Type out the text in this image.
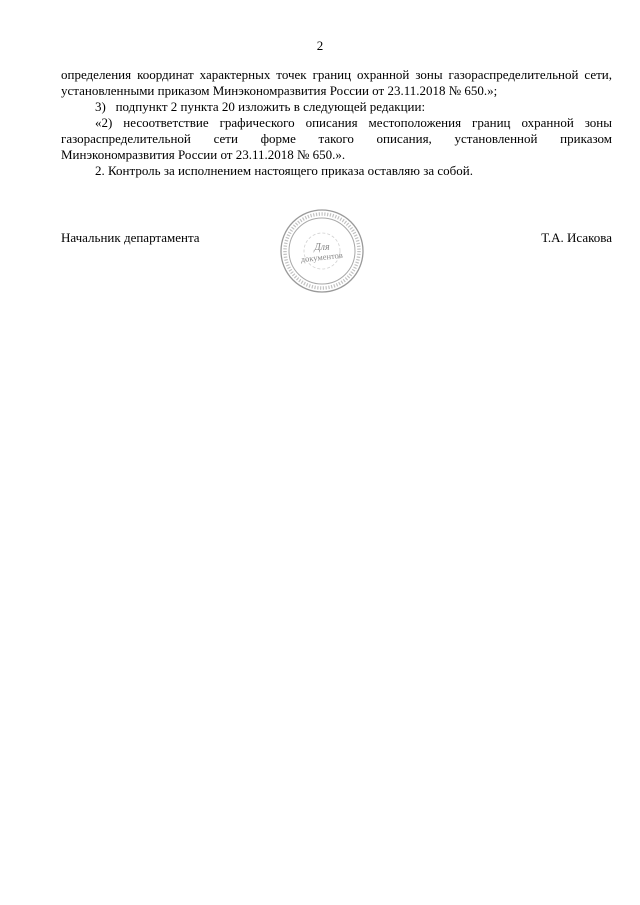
2

определения координат характерных точек границ охранной зоны газораспределительной сети, установленными приказом Минэкономразвития России от 23.11.2018 № 650.»;

3)   подпункт 2 пункта 20 изложить в следующей редакции:

«2) несоответствие графического описания местоположения границ охранной зоны газораспределительной сети форме такого описания, установленной приказом Минэкономразвития России от 23.11.2018 № 650.».

2. Контроль за исполнением настоящего приказа оставляю за собой.

Начальник департамента
Для
документов
Т.А. Исакова
